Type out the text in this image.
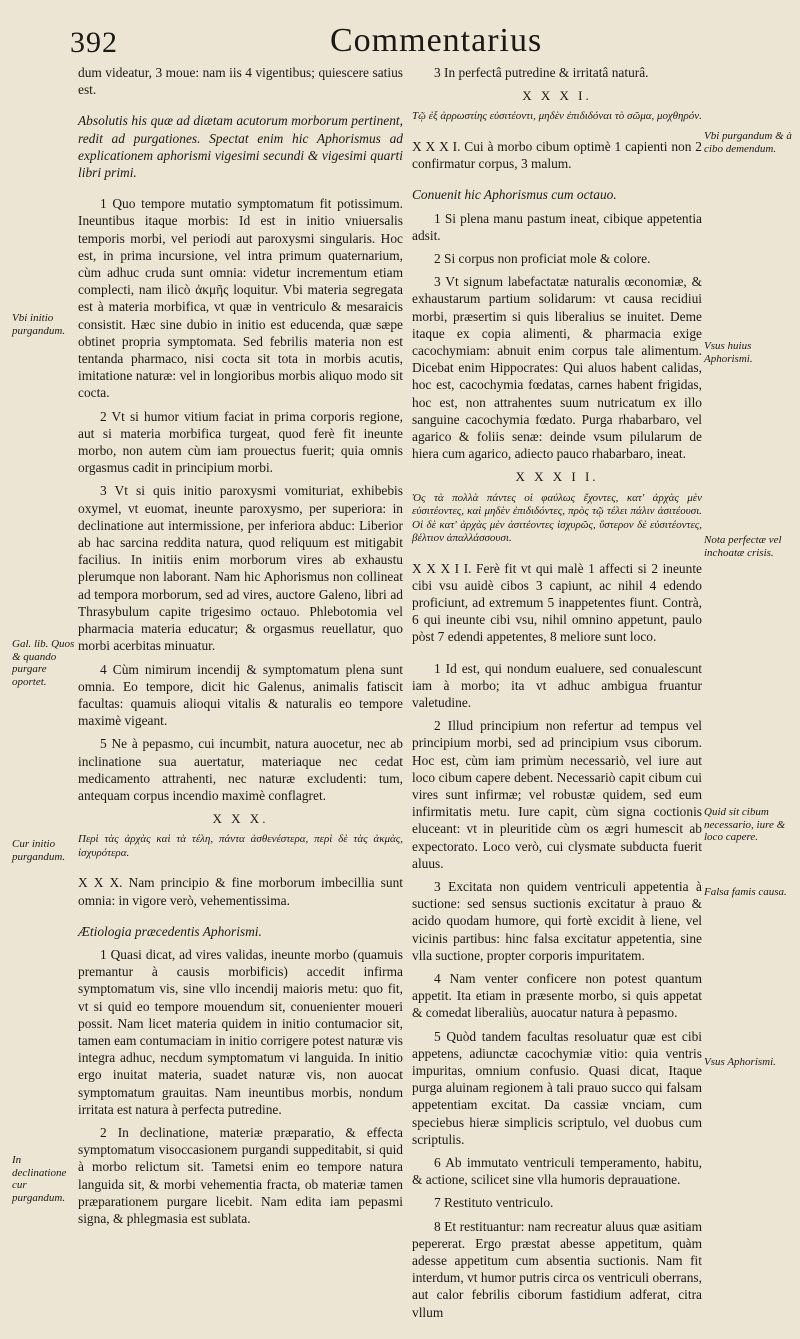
392	Commentarius
Vbi initio purgandum.
Gal. lib. Quos & quando purgare oportet.
Cur initio purgandum.
In declinatione cur purgandum.
Vbi purgandum & à cibo demendum.
Vsus huius Aphorismi.
Nota perfectæ vel inchoatæ crisis.
Quid sit cibum necessario, iure & loco capere.
Falsa famis causa.
Vsus Aphorismi.

dum videatur, 3 moue: nam iis 4 vigentibus; quiescere satius est.

Absolutis his quæ ad diætam acutorum morborum pertinent, redit ad purgationes. Spectat enim hic Aphorismus ad explicationem aphorismi vigesimi secundi & vigesimi quarti libri primi.

1 Quo tempore mutatio symptomatum fit potissimum. Ineuntibus itaque morbis: Id est in initio vniuersalis temporis morbi, vel periodi aut paroxysmi singularis. Hoc est, in prima incursione, vel intra primum quaternarium, cùm adhuc cruda sunt omnia: videtur incrementum etiam complecti, nam ilicò ἀκμῆς loquitur. Vbi materia segregata est à materia morbifica, vt quæ in ventriculo & mesaraicis consistit. Hæc sine dubio in initio est educenda, quæ sæpe obtinet propria symptomata. Sed febrilis materia non est tentanda pharmaco, nisi cocta sit tota in morbis acutis, imitatione naturæ: vel in longioribus morbis aliquo modo sit cocta.

2 Vt si humor vitium faciat in prima corporis regione, aut si materia morbifica turgeat, quod ferè fit ineunte morbo, non autem cùm iam prouectus fuerit; quia omnis orgasmus cadit in principium morbi.

3 Vt si quis initio paroxysmi vomituriat, exhibebis oxymel, vt euomat, ineunte paroxysmo, per superiora: in declinatione aut intermissione, per inferiora abduc: Liberior ab hac sarcina reddita natura, quod reliquum est mitigabit facilius. In initiis enim morborum vires ab exhaustu plerumque non laborant. Nam hic Aphorismus non collineat ad tempora morborum, sed ad vires, auctore Galeno, libri ad Thrasybulum capite trigesimo octauo. Phlebotomia vel pharmacia materia educatur; & orgasmus reuellatur, quo morbi acerbitas minuatur.

4 Cùm nimirum incendij & symptomatum plena sunt omnia. Eo tempore, dicit hic Galenus, animalis fatiscit facultas: quamuis alioqui vitalis & naturalis eo tempore maximè vigeant.

5 Ne à pepasmo, cui incumbit, natura auocetur, nec ab inclinatione sua auertatur, materiaque nec cedat medicamento attrahenti, nec naturæ excludenti: tum, antequam corpus incendio maximè conflagret.

X X X.

Περὶ τὰς ἀρχὰς καὶ τὰ τέλη, πάντα ἀσθενέστερα, περὶ δὲ τὰς ἀκμὰς, ἰσχυρότερα.

X X X. Nam principio & fine morborum imbecillia sunt omnia: in vigore verò, vehementissima.

Ætiologia præcedentis Aphorismi.

1 Quasi dicat, ad vires validas, ineunte morbo (quamuis premantur à causis morbificis) accedit infirma symptomatum vis, sine vllo incendij maioris metu: quo fit, vt si quid eo tempore mouendum sit, conuenienter moueri possit. Nam licet materia quidem in initio contumacior sit, tamen eam contumaciam in initio corrigere potest naturæ vis integra adhuc, necdum symptomatum vi languida. In initio ergo inuitat materia, suadet naturæ vis, non auocat symptomatum grauitas. Nam ineuntibus morbis, nondum irritata est natura à perfecta putredine.

2 In declinatione, materiæ præparatio, & effecta symptomatum visoccasionem purgandi suppeditabit, si quid à morbo relictum sit. Tametsi enim eo tempore natura languida sit, & morbi vehementia fracta, ob materiæ tamen præparationem purgare licebit. Nam edita iam pepasmi signa, & phlegmasia est sublata.

3 In perfectâ putredine & irritatâ naturâ.

X X X I.

Τῷ ἐξ ἀρρωστίης εὐσιτέοντι, μηδὲν ἐπιδιδόναι τὸ σῶμα, μοχθηρόν.

X X X I. Cui à morbo cibum optimè 1 capienti non 2 confirmatur corpus, 3 malum.

Conuenit hic Aphorismus cum octauo.

1 Si plena manu pastum ineat, cibique appetentia adsit.

2 Si corpus non proficiat mole & colore.

3 Vt signum labefactatæ naturalis œconomiæ, & exhaustarum partium solidarum: vt causa recidiui morbi, præsertim si quis liberalius se inuitet. Deme itaque ex copia alimenti, & pharmacia exige cacochymiam: abnuit enim corpus tale alimentum. Dicebat enim Hippocrates: Qui aluos habent calidas, hoc est, cacochymia fœdatas, carnes habent frigidas, hoc est, non attrahentes suum nutricatum ex illo sanguine cacochymia fœdato. Purga rhabarbaro, vel agarico & foliis senæ: deinde vsum pilularum de hiera cum agarico, adiecto pauco rhabarbaro, ineat.

X X X I I.

Ὁς τὰ πολλὰ πάντες οἱ φαύλως ἔχοντες, κατ' ἀρχὰς μὲν εὐσιτέοντες, καὶ μηδὲν ἐπιδιδόντες, πρὸς τῷ τέλει πάλιν ἀσιτέουσι. Οἱ δὲ κατ' ἀρχὰς μὲν ἀσιτέοντες ἰσχυρῶς, ὕστερον δὲ εὐσιτέοντες, βέλτιον ἀπαλλάσσουσι.

X X X I I. Ferè fit vt qui malè 1 affecti si 2 ineunte cibi vsu auidè cibos 3 capiunt, ac nihil 4 edendo proficiunt, ad extremum 5 inappetentes fiunt. Contrà, 6 qui ineunte cibi vsu, nihil omnino appetunt, paulo pòst 7 edendi appetentes, 8 meliore sunt loco.

1 Id est, qui nondum eualuere, sed conualescunt iam à morbo; ita vt adhuc ambigua fruantur valetudine.

2 Illud principium non refertur ad tempus vel principium morbi, sed ad principium vsus ciborum. Hoc est, cùm iam primùm necessariò, vel iure aut loco cibum capere debent. Necessariò capit cibum cui vires sunt infirmæ; vel robustæ quidem, sed eum infirmitatis metu. Iure capit, cùm signa coctionis eluceant: vt in pleuritide cùm os ægri humescit ab expectorato. Loco verò, cui clysmate subducta fuerit aluus.

3 Excitata non quidem ventriculi appetentia à suctione: sed sensus suctionis excitatur à prauo & acido quodam humore, qui fortè excidit à liene, vel vicinis partibus: hinc falsa excitatur appetentia, sine vlla suctione, propter corporis impuritatem.

4 Nam venter conficere non potest quantum appetit. Ita etiam in præsente morbo, si quis appetat & comedat liberaliùs, auocatur natura à pepasmo.

5 Quòd tandem facultas resoluatur quæ est cibi appetens, adiunctæ cacochymiæ vitio: quia ventris impuritas, omnium confusio. Quasi dicat, Itaque purga aluinam regionem à tali prauo succo qui falsam appetentiam excitat. Da cassiæ vnciam, cum speciebus hieræ simplicis scriptulo, vel duobus cum scriptulis.

6 Ab immutato ventriculi temperamento, habitu, & actione, scilicet sine vlla humoris deprauatione.

7 Restituto ventriculo.

8 Et restituantur: nam recreatur aluus quæ asitiam pepererat. Ergo præstat abesse appetitum, quàm adesse appetitum cum absentia suctionis. Nam fit interdum, vt humor putris circa os ventriculi oberrans, aut calor febrilis ciborum fastidium adferat, citra vllum
